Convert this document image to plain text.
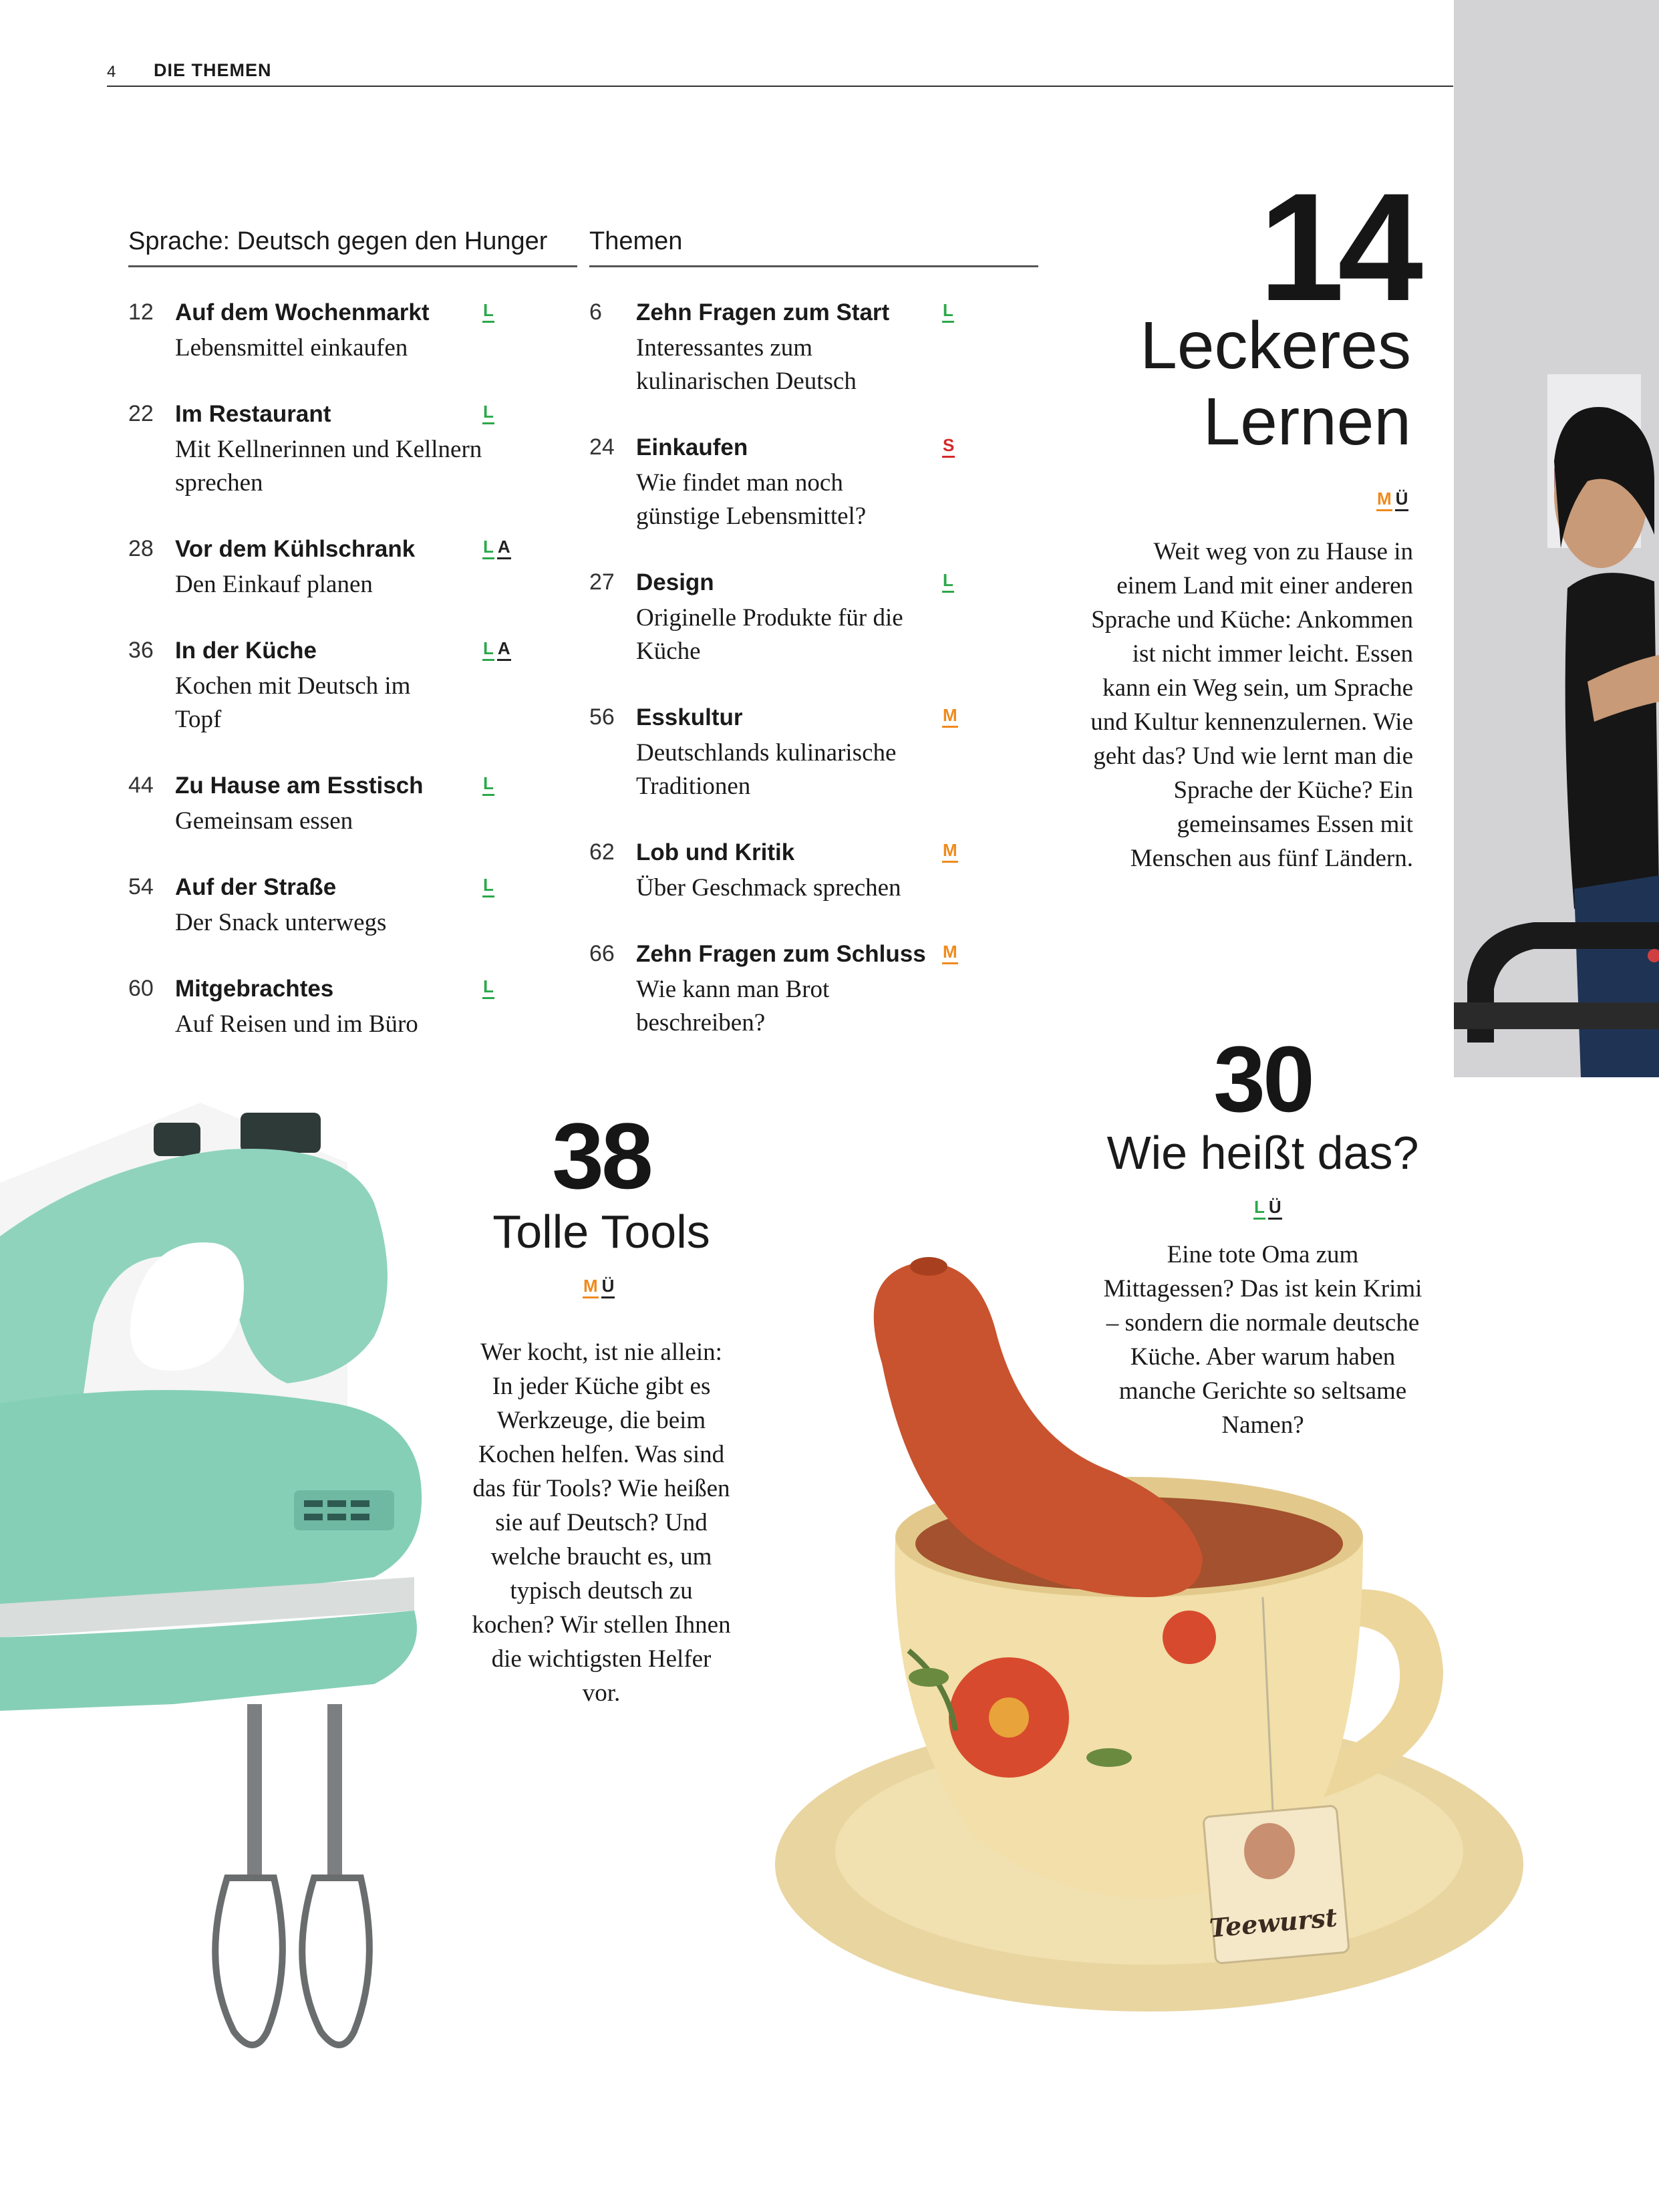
4 DIE THEMEN
Sprache: Deutsch gegen den Hunger
12 Auf dem Wochenmarkt
Lebensmittel einkaufen
L
22 Im Restaurant
Mit Kellnerinnen und Kellnern sprechen
L
28 Vor dem Kühlschrank
Den Einkauf planen
L A
36 In der Küche
Kochen mit Deutsch im Topf
L A
44 Zu Hause am Esstisch
Gemeinsam essen
L
54 Auf der Straße
Der Snack unterwegs
L
60 Mitgebrachtes
Auf Reisen und im Büro
L
Themen
6 Zehn Fragen zum Start
Interessantes zum kulinarischen Deutsch
L
24 Einkaufen
Wie findet man noch günstige Lebensmittel?
S
27 Design
Originelle Produkte für die Küche
L
56 Esskultur
Deutschlands kulinarische Traditionen
M
62 Lob und Kritik
Über Geschmack sprechen
M
66 Zehn Fragen zum Schluss
Wie kann man Brot beschreiben?
M
14
Leckeres
Lernen
M Ü
Weit weg von zu Hause in einem Land mit einer anderen Sprache und Küche: Ankommen ist nicht immer leicht. Essen kann ein Weg sein, um Sprache und Kultur kennenzulernen. Wie geht das? Und wie lernt man die Sprache der Küche? Ein gemeinsames Essen mit Menschen aus fünf Ländern.
30
Wie heißt das?
L Ü
Eine tote Oma zum Mittagessen? Das ist kein Krimi – sondern die normale deutsche Küche. Aber warum haben manche Gerichte so seltsame Namen?
38
Tolle Tools
M Ü
Wer kocht, ist nie allein: In jeder Küche gibt es Werkzeuge, die beim Kochen helfen. Was sind das für Tools? Wie heißen sie auf Deutsch? Und welche braucht es, um typisch deutsch zu kochen? Wir stellen Ihnen die wichtigsten Helfer vor.
Teewurst
